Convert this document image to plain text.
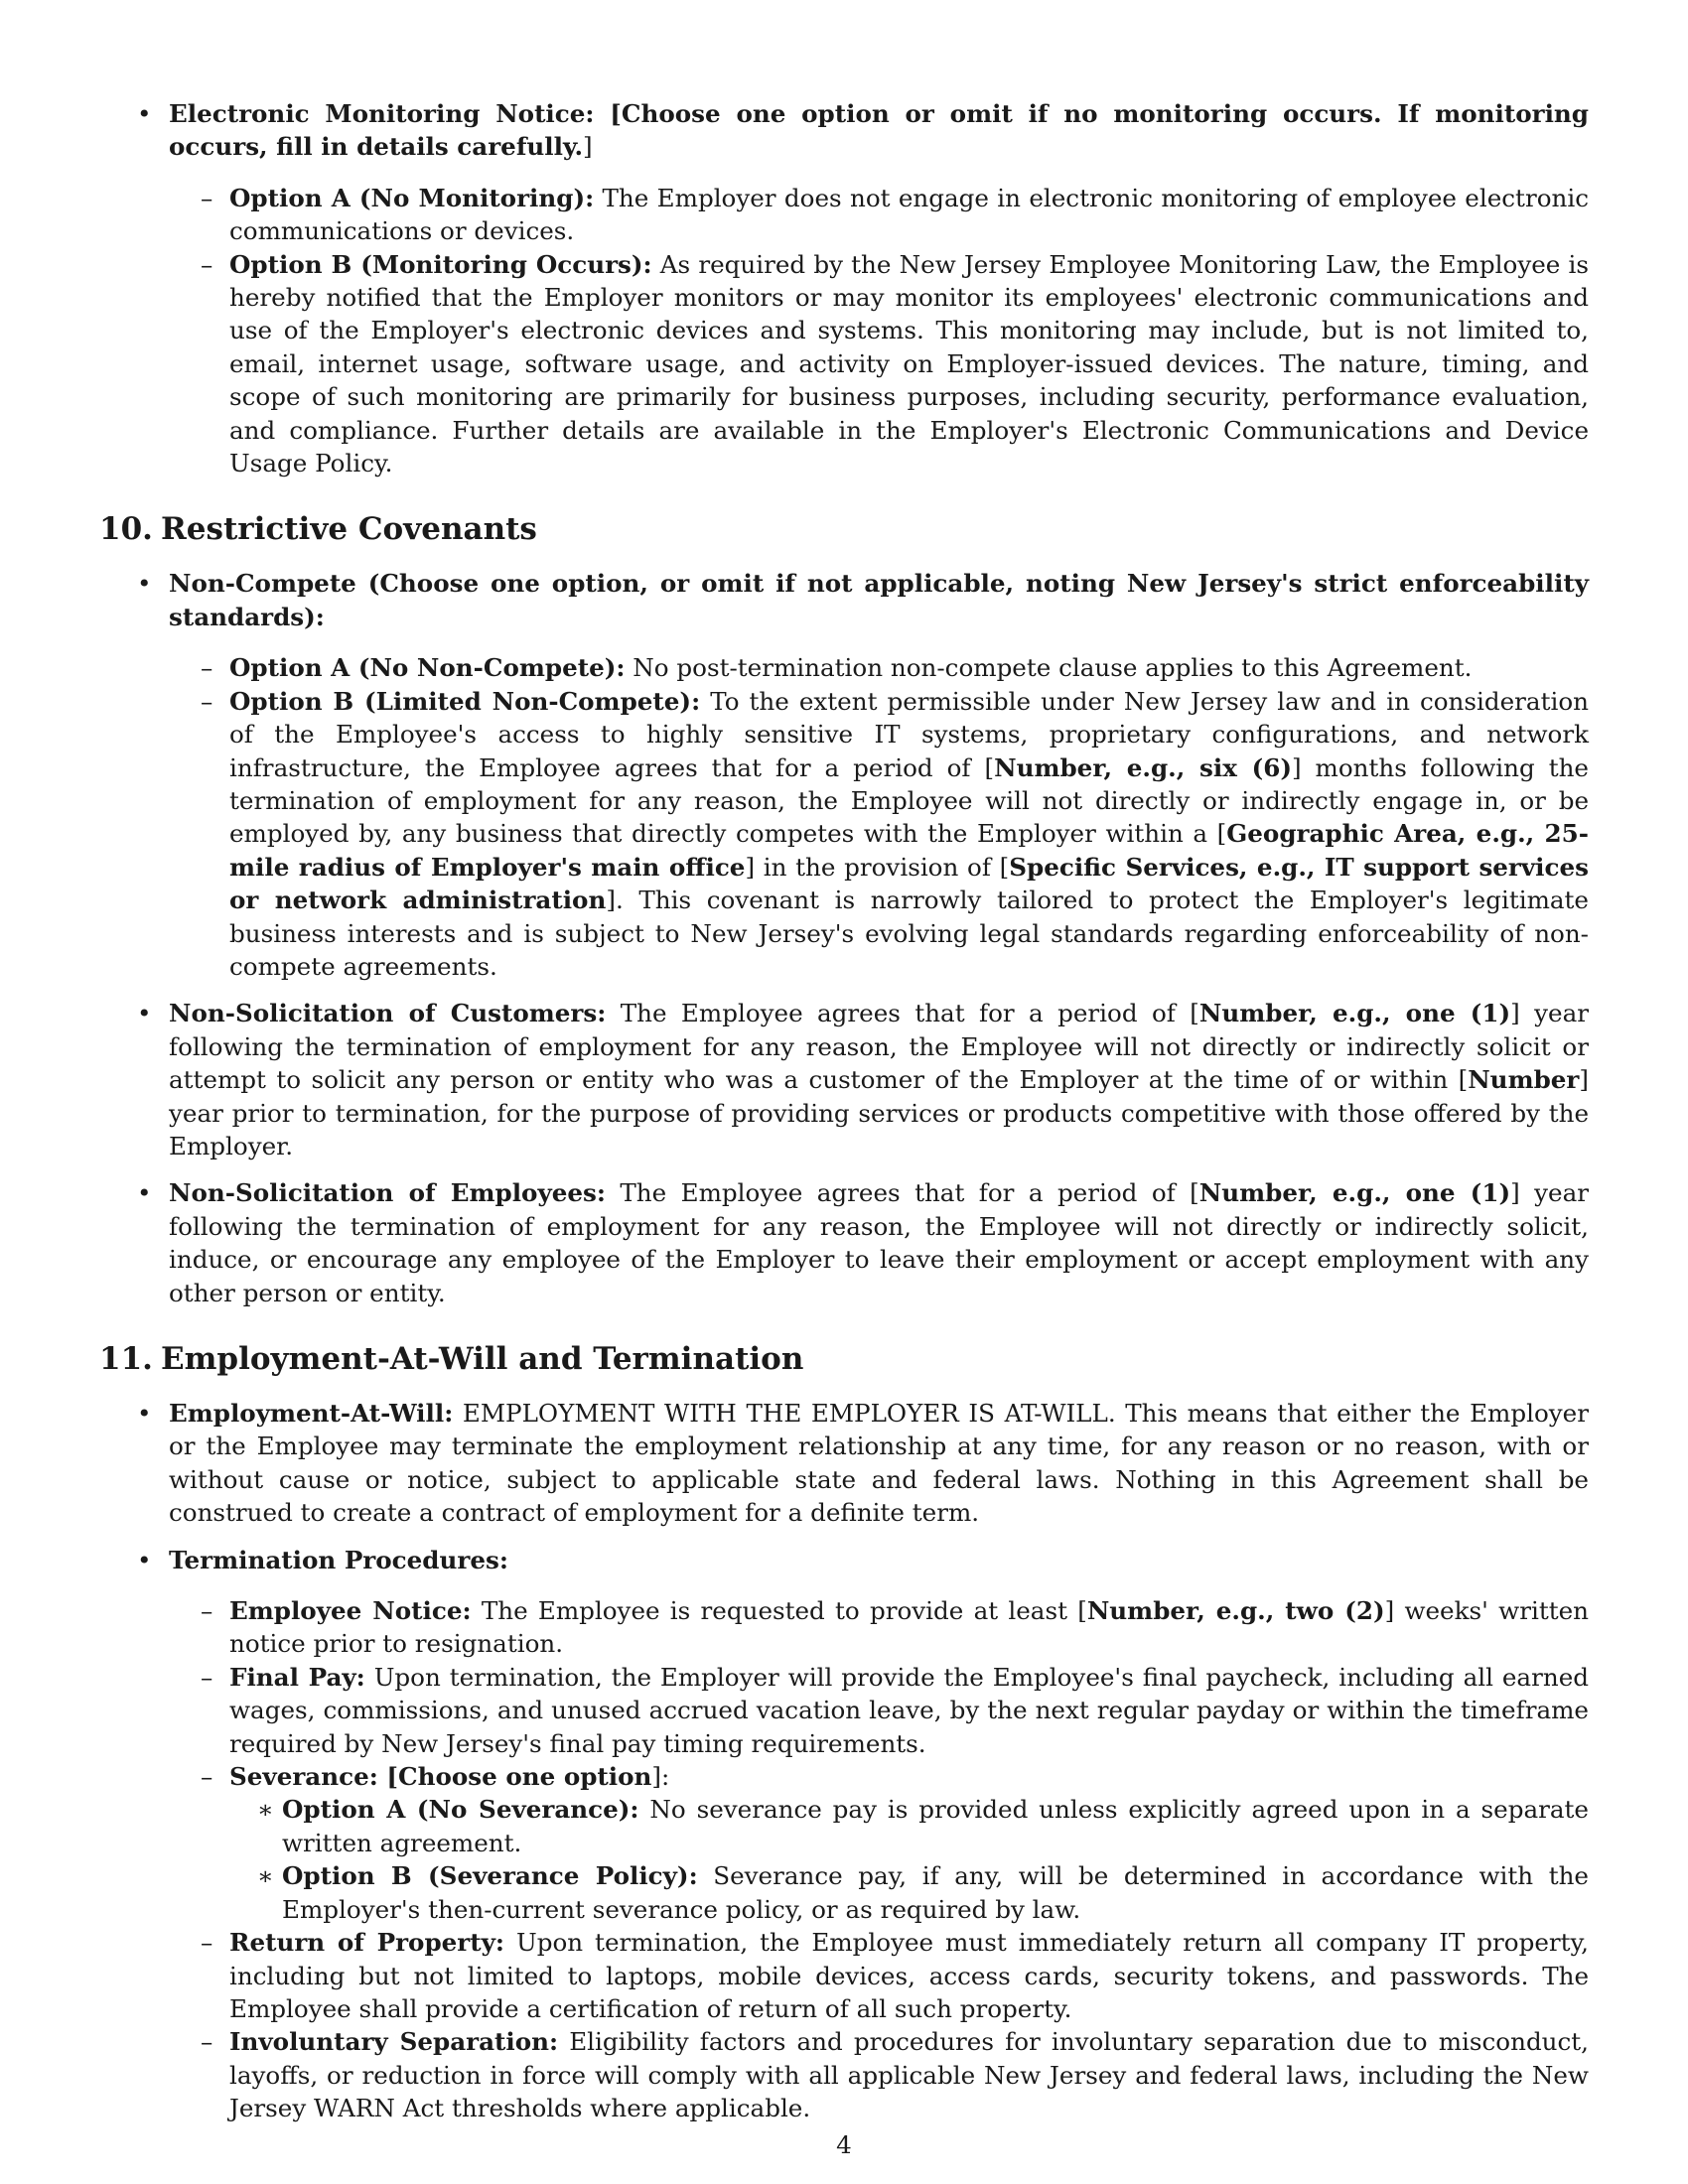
• Electronic Monitoring Notice: [Choose one option or omit if no monitoring occurs. If monitoring occurs, fill in details carefully.]
– Option A (No Monitoring): The Employer does not engage in electronic monitoring of employee electronic communications or devices.
– Option B (Monitoring Occurs): As required by the New Jersey Employee Monitoring Law, the Employee is hereby notified that the Employer monitors or may monitor its employees' electronic communications and use of the Employer's electronic devices and systems. This monitoring may include, but is not limited to, email, internet usage, software usage, and activity on Employer-issued devices. The nature, timing, and scope of such monitoring are primarily for business purposes, including security, performance evaluation, and compliance. Further details are available in the Employer's Electronic Communications and Device Usage Policy.
10. Restrictive Covenants
• Non-Compete (Choose one option, or omit if not applicable, noting New Jersey's strict enforceability standards):
– Option A (No Non-Compete): No post-termination non-compete clause applies to this Agreement.
– Option B (Limited Non-Compete): To the extent permissible under New Jersey law and in consideration of the Employee's access to highly sensitive IT systems, proprietary configurations, and network infrastructure, the Employee agrees that for a period of [Number, e.g., six (6)] months following the termination of employment for any reason, the Employee will not directly or indirectly engage in, or be employed by, any business that directly competes with the Employer within a [Geographic Area, e.g., 25-mile radius of Employer's main office] in the provision of [Specific Services, e.g., IT support services or network administration]. This covenant is narrowly tailored to protect the Employer's legitimate business interests and is subject to New Jersey's evolving legal standards regarding enforceability of non-compete agreements.
• Non-Solicitation of Customers: The Employee agrees that for a period of [Number, e.g., one (1)] year following the termination of employment for any reason, the Employee will not directly or indirectly solicit or attempt to solicit any person or entity who was a customer of the Employer at the time of or within [Number] year prior to termination, for the purpose of providing services or products competitive with those offered by the Employer.
• Non-Solicitation of Employees: The Employee agrees that for a period of [Number, e.g., one (1)] year following the termination of employment for any reason, the Employee will not directly or indirectly solicit, induce, or encourage any employee of the Employer to leave their employment or accept employment with any other person or entity.
11. Employment-At-Will and Termination
• Employment-At-Will: EMPLOYMENT WITH THE EMPLOYER IS AT-WILL. This means that either the Employer or the Employee may terminate the employment relationship at any time, for any reason or no reason, with or without cause or notice, subject to applicable state and federal laws. Nothing in this Agreement shall be construed to create a contract of employment for a definite term.
• Termination Procedures:
– Employee Notice: The Employee is requested to provide at least [Number, e.g., two (2)] weeks' written notice prior to resignation.
– Final Pay: Upon termination, the Employer will provide the Employee's final paycheck, including all earned wages, commissions, and unused accrued vacation leave, by the next regular payday or within the timeframe required by New Jersey's final pay timing requirements.
– Severance: [Choose one option]:
∗ Option A (No Severance): No severance pay is provided unless explicitly agreed upon in a separate written agreement.
∗ Option B (Severance Policy): Severance pay, if any, will be determined in accordance with the Employer's then-current severance policy, or as required by law.
– Return of Property: Upon termination, the Employee must immediately return all company IT property, including but not limited to laptops, mobile devices, access cards, security tokens, and passwords. The Employee shall provide a certification of return of all such property.
– Involuntary Separation: Eligibility factors and procedures for involuntary separation due to misconduct, layoffs, or reduction in force will comply with all applicable New Jersey and federal laws, including the New Jersey WARN Act thresholds where applicable.
4
